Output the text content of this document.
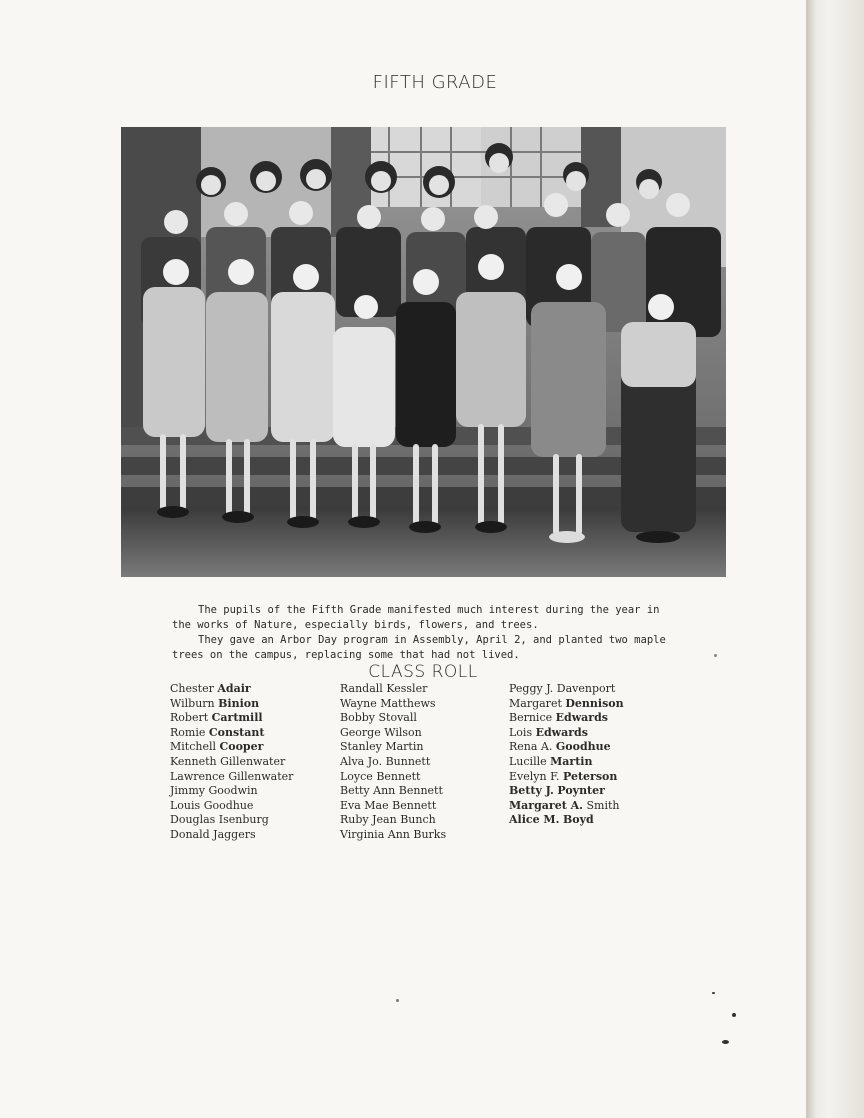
FIFTH GRADE

The pupils of the Fifth Grade manifested much interest during the year in the works of Nature, especially birds, flowers, and trees.

They gave an Arbor Day program in Assembly, April 2, and planted two maple trees on the campus, replacing some that had not lived.

CLASS ROLL
Chester Adair
Wilburn Binion
Robert Cartmill
Romie Constant
Mitchell Cooper
Kenneth Gillenwater
Lawrence Gillenwater
Jimmy Goodwin
Louis Goodhue
Douglas Isenburg
Donald Jaggers
Randall Kessler
Wayne Matthews
Bobby Stovall
George Wilson
Stanley Martin
Alva Jo. Bunnett
Loyce Bennett
Betty Ann Bennett
Eva Mae Bennett
Ruby Jean Bunch
Virginia Ann Burks
Peggy J. Davenport
Margaret Dennison
Bernice Edwards
Lois Edwards
Rena A. Goodhue
Lucille Martin
Evelyn F. Peterson
Betty J. Poynter
Margaret A. Smith
Alice M. Boyd
